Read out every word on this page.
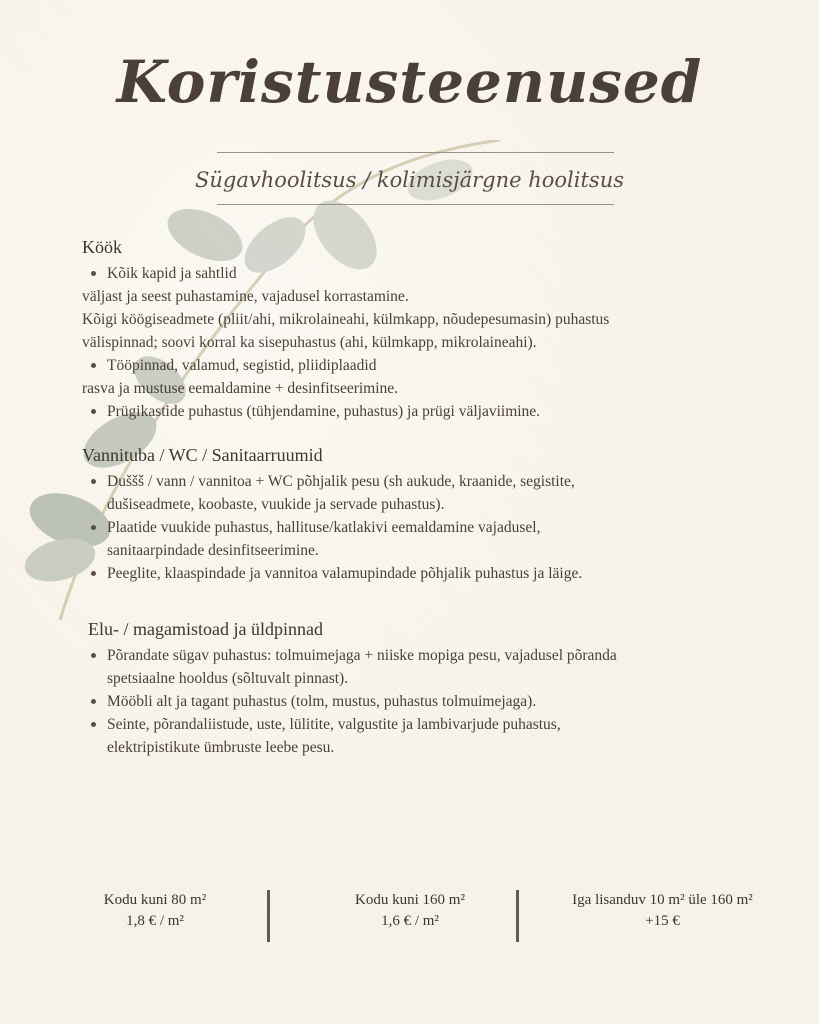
Koristusteenused
Sügavhoolitsus / kolimisjärgne hoolitsus
Köök

Kõik kapid ja sahtlid

väljast ja seest puhastamine, vajadusel korrastamine.

Kõigi köögiseadmete (pliit/ahi, mikrolaineahi, külmkapp, nõudepesumasin) puhastus

välispinnad; soovi korral ka sisepuhastus (ahi, külmkapp, mikrolaineahi).

Tööpinnad, valamud, segistid, pliidiplaadid

rasva ja mustuse eemaldamine + desinfitseerimine.

Prügikastide puhastus (tühjendamine, puhastus) ja prügi väljaviimine.

Vannituba / WC / Sanitaarruumid
Duššš / vann / vannitoa + WC põhjalik pesu (sh aukude, kraanide, segistite,
dušiseadmete, koobaste, vuukide ja servade puhastus).
Plaatide vuukide puhastus, hallituse/katlakivi eemaldamine vajadusel,
sanitaarpindade desinfitseerimine.
Peeglite, klaaspindade ja vannitoa valamupindade põhjalik puhastus ja läige.
Elu- / magamistoad ja üldpinnad
Põrandate sügav puhastus: tolmuimejaga + niiske mopiga pesu, vajadusel põranda
spetsiaalne hooldus (sõltuvalt pinnast).
Mööbli alt ja tagant puhastus (tolm, mustus, puhastus tolmuimejaga).
Seinte, põrandaliistude, uste, lülitite, valgustite ja lambivarjude puhastus,
elektripistikute ümbruste leebe pesu.
Kodu kuni 80 m²
1,8 € / m²
Kodu kuni 160 m²
1,6 € / m²
Iga lisanduv 10 m² üle 160 m²
+15 €
